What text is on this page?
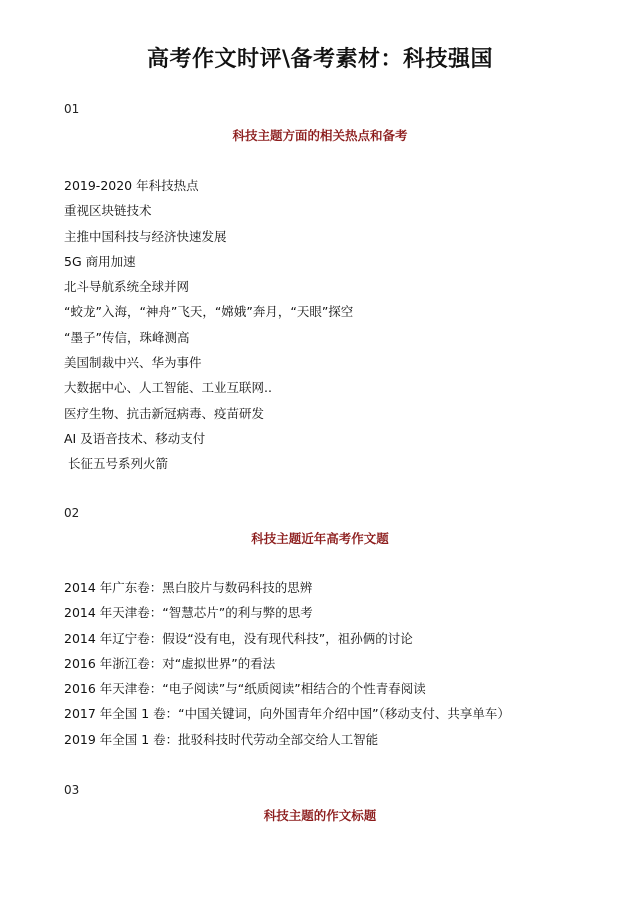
高考作文时评\备考素材：科技强国
01
科技主题方面的相关热点和备考
2019-2020 年科技热点
重视区块链技术
主推中国科技与经济快速发展
5G 商用加速
北斗导航系统全球并网
“蛟龙”入海，“神舟”飞天，“嫦娥”奔月，“天眼”探空
“墨子”传信，珠峰测高
美国制裁中兴、华为事件
大数据中心、人工智能、工业互联网..
医疗生物、抗击新冠病毒、疫苗研发
AI 及语音技术、移动支付
长征五号系列火箭
02
科技主题近年高考作文题
2014 年广东卷：黑白胶片与数码科技的思辨
2014 年天津卷：“智慧芯片”的利与弊的思考
2014 年辽宁卷：假设“没有电，没有现代科技”，祖孙俩的讨论
2016 年浙江卷：对“虚拟世界”的看法
2016 年天津卷：“电子阅读”与“纸质阅读”相结合的个性青春阅读
2017 年全国 1 卷：“中国关键词，向外国青年介绍中国”（移动支付、共享单车）
2019 年全国 1 卷：批驳科技时代劳动全部交给人工智能
03
科技主题的作文标题
